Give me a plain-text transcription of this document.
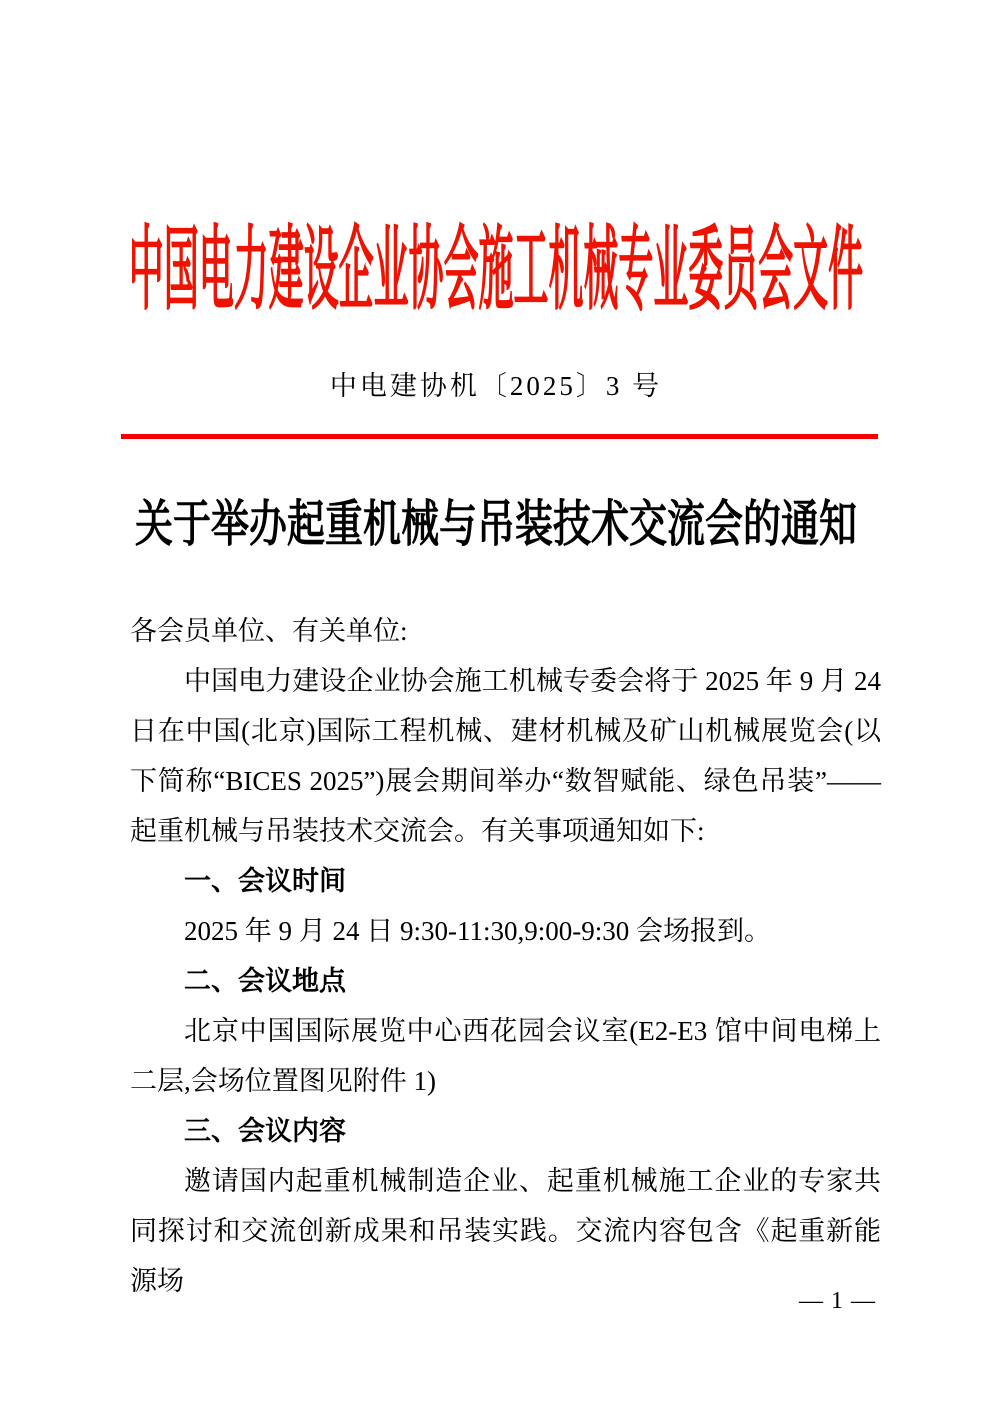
中国电力建设企业协会施工机械专业委员会文件
中电建协机〔2025〕3 号
关于举办起重机械与吊装技术交流会的通知
各会员单位、有关单位:
中国电力建设企业协会施工机械专委会将于 2025 年 9 月 24 日在中国(北京)国际工程机械、建材机械及矿山机械展览会(以下简称“BICES 2025”)展会期间举办“数智赋能、绿色吊装”——起重机械与吊装技术交流会。有关事项通知如下:
一、会议时间
2025 年 9 月 24 日 9:30-11:30,9:00-9:30 会场报到。
二、会议地点
北京中国国际展览中心西花园会议室(E2-E3 馆中间电梯上二层,会场位置图见附件 1)
三、会议内容
邀请国内起重机械制造企业、起重机械施工企业的专家共同探讨和交流创新成果和吊装实践。交流内容包含《起重新能源场
— 1 —
